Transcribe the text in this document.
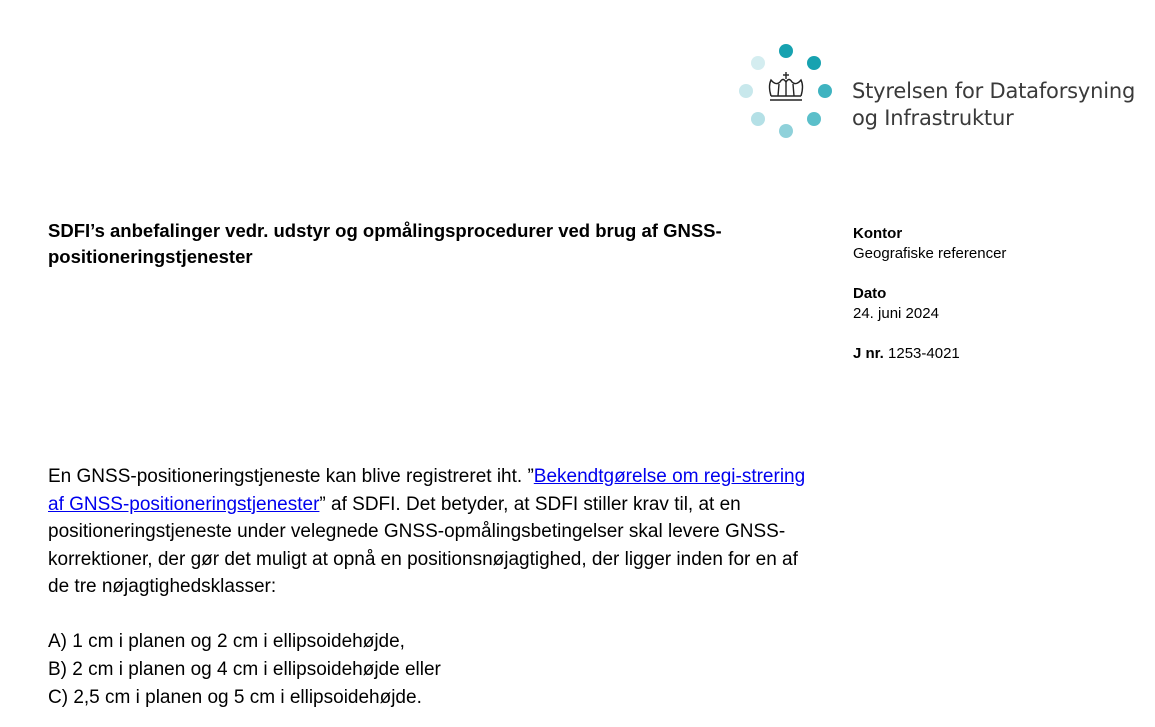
Styrelsen for Dataforsyning
og Infrastruktur
SDFI’s anbefalinger vedr. udstyr og opmålingsprocedurer ved brug af GNSS-positioneringstjenester
Kontor
Geografiske referencer
Dato
24. juni 2024
J nr. 1253-4021

En GNSS-positioneringstjeneste kan blive registreret iht. ”Bekendtgørelse om regi-strering af GNSS-positioneringstjenester” af SDFI. Det betyder, at SDFI stiller krav til, at en positioneringstjeneste under velegnede GNSS-opmålingsbetingelser skal levere GNSS-korrektioner, der gør det muligt at opnå en positionsnøjagtighed, der ligger inden for en af de tre nøjagtighedsklasser:

A) 1 cm i planen og 2 cm i ellipsoidehøjde,
B) 2 cm i planen og 4 cm i ellipsoidehøjde eller
C) 2,5 cm i planen og 5 cm i ellipsoidehøjde.
